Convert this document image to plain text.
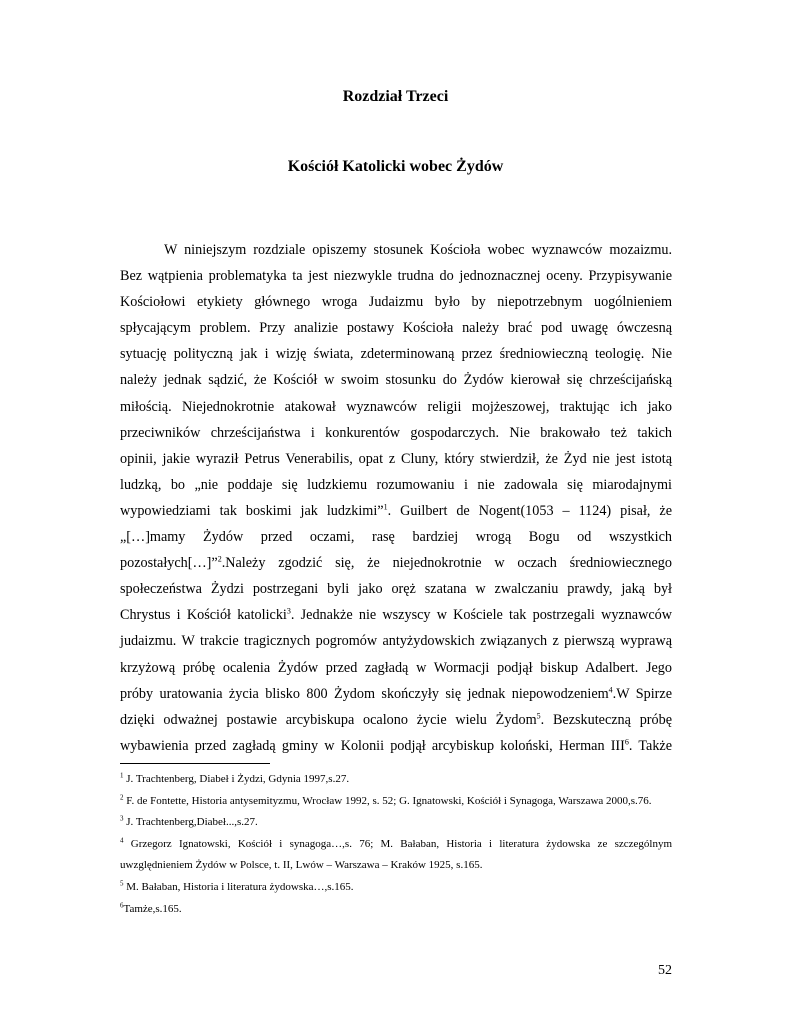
Rozdział Trzeci
Kościół Katolicki wobec Żydów
W niniejszym rozdziale opiszemy stosunek Kościoła wobec wyznawców mozaizmu.
Bez wątpienia problematyka ta jest niezwykle trudna do jednoznacznej oceny. Przypisywanie
Kościołowi etykiety głównego wroga Judaizmu było by niepotrzebnym uogólnieniem
spłycającym problem. Przy analizie postawy Kościoła należy brać pod uwagę ówczesną
sytuację polityczną jak i wizję świata, zdeterminowaną przez średniowieczną teologię. Nie
należy jednak sądzić, że Kościół w swoim stosunku do Żydów kierował się chrześcijańską
miłością. Niejednokrotnie atakował wyznawców religii mojżeszowej, traktując ich jako
przeciwników chrześcijaństwa i konkurentów gospodarczych. Nie brakowało też takich
opinii, jakie wyraził Petrus Venerabilis, opat z Cluny, który stwierdził, że Żyd nie jest istotą
ludzką, bo „nie poddaje się ludzkiemu rozumowaniu i nie zadowala się miarodajnymi
wypowiedziami tak boskimi jak ludzkimi”$^1$. Guilbert de Nogent(1053 – 1124) pisał, że
„[…]mamy Żydów przed oczami, rasę bardziej wrogą Bogu od wszystkich
pozostałych[…]”$^2$.Należy zgodzić się, że niejednokrotnie w oczach średniowiecznego
społeczeństwa Żydzi postrzegani byli jako oręż szatana w zwalczaniu prawdy, jaką był
Chrystus i Kościół katolicki$^3$. Jednakże nie wszyscy w Kościele tak postrzegali wyznawców
judaizmu. W trakcie tragicznych pogromów antyżydowskich związanych z pierwszą wyprawą
krzyżową próbę ocalenia Żydów przed zagładą w Wormacji podjął biskup Adalbert. Jego
próby uratowania życia blisko 800 Żydom skończyły się jednak niepowodzeniem$^4$.W Spirze
dzięki odważnej postawie arcybiskupa ocalono życie wielu Żydom$^5$. Bezskuteczną próbę
wybawienia przed zagładą gminy w Kolonii podjął arcybiskup koloński, Herman III$^6$. Także

$^1$ J. Trachtenberg, Diabeł i Żydzi, Gdynia 1997,s.27.

$^2$ F. de Fontette, Historia antysemityzmu, Wrocław 1992, s. 52; G. Ignatowski, Kościół i Synagoga, Warszawa 2000,s.76.

$^3$ J. Trachtenberg,Diabeł...,s.27.

$^4$ Grzegorz Ignatowski, Kościół i synagoga…,s. 76; M. Bałaban, Historia i literatura żydowska ze szczególnym uwzględnieniem Żydów w Polsce, t. II, Lwów – Warszawa – Kraków 1925, s.165.

$^5$ M. Bałaban, Historia i literatura żydowska…,s.165.

$^6$Tamże,s.165.

52
